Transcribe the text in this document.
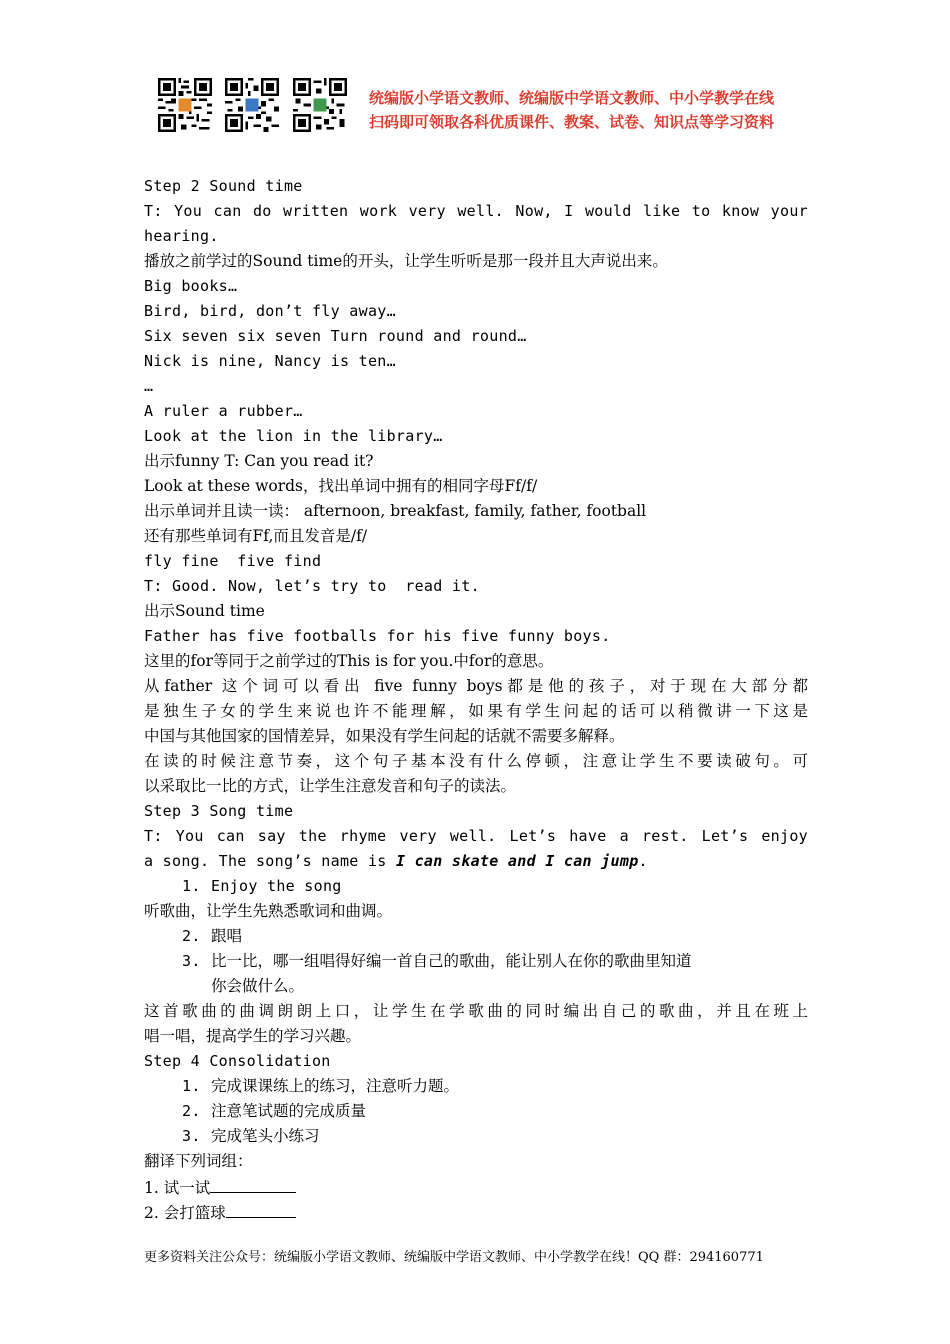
统编版小学语文教师、统编版中学语文教师、中小学教学在线
扫码即可领取各科优质课件、教案、试卷、知识点等学习资料
Step 2 Sound time
T: You can do written work very well. Now, I would like to know your
hearing.
播放之前学过的Sound time的开头，让学生听听是那一段并且大声说出来。
Big books…
Bird, bird, don’t fly away…
Six seven six seven Turn round and round…
Nick is nine, Nancy is ten…
…
A ruler a rubber…
Look at the lion in the library…
出示funny T: Can you read it?
Look at these words，找出单词中拥有的相同字母Ff/f/
出示单词并且读一读： afternoon, breakfast, family, father, football
还有那些单词有Ff,而且发音是/f/
fly fine  five find
T: Good. Now, let’s try to  read it.
出示Sound time
Father has five footballs for his five funny boys.
这里的for等同于之前学过的This is for you.中for的意思。
从father 这个词可以看出 five funny boys都是他的孩子，对于现在大部分都
是独生子女的学生来说也许不能理解，如果有学生问起的话可以稍微讲一下这是
中国与其他国家的国情差异，如果没有学生问起的话就不需要多解释。
在读的时候注意节奏，这个句子基本没有什么停顿，注意让学生不要读破句。可
以采取比一比的方式，让学生注意发音和句子的读法。
Step 3 Song time
T: You can say the rhyme very well. Let’s have a rest. Let’s enjoy
a song. The song’s name is I can skate and I can jump.
1. Enjoy the song
听歌曲，让学生先熟悉歌词和曲调。
2. 跟唱
3. 比一比，哪一组唱得好编一首自己的歌曲，能让别人在你的歌曲里知道
你会做什么。
这首歌曲的曲调朗朗上口，让学生在学歌曲的同时编出自己的歌曲，并且在班上
唱一唱，提高学生的学习兴趣。
Step 4 Consolidation
1. 完成课课练上的练习，注意听力题。
2. 注意笔试题的完成质量
3. 完成笔头小练习
翻译下列词组：
1. 试一试
2. 会打篮球
更多资料关注公众号：统编版小学语文教师、统编版中学语文教师、中小学教学在线！QQ 群：294160771
